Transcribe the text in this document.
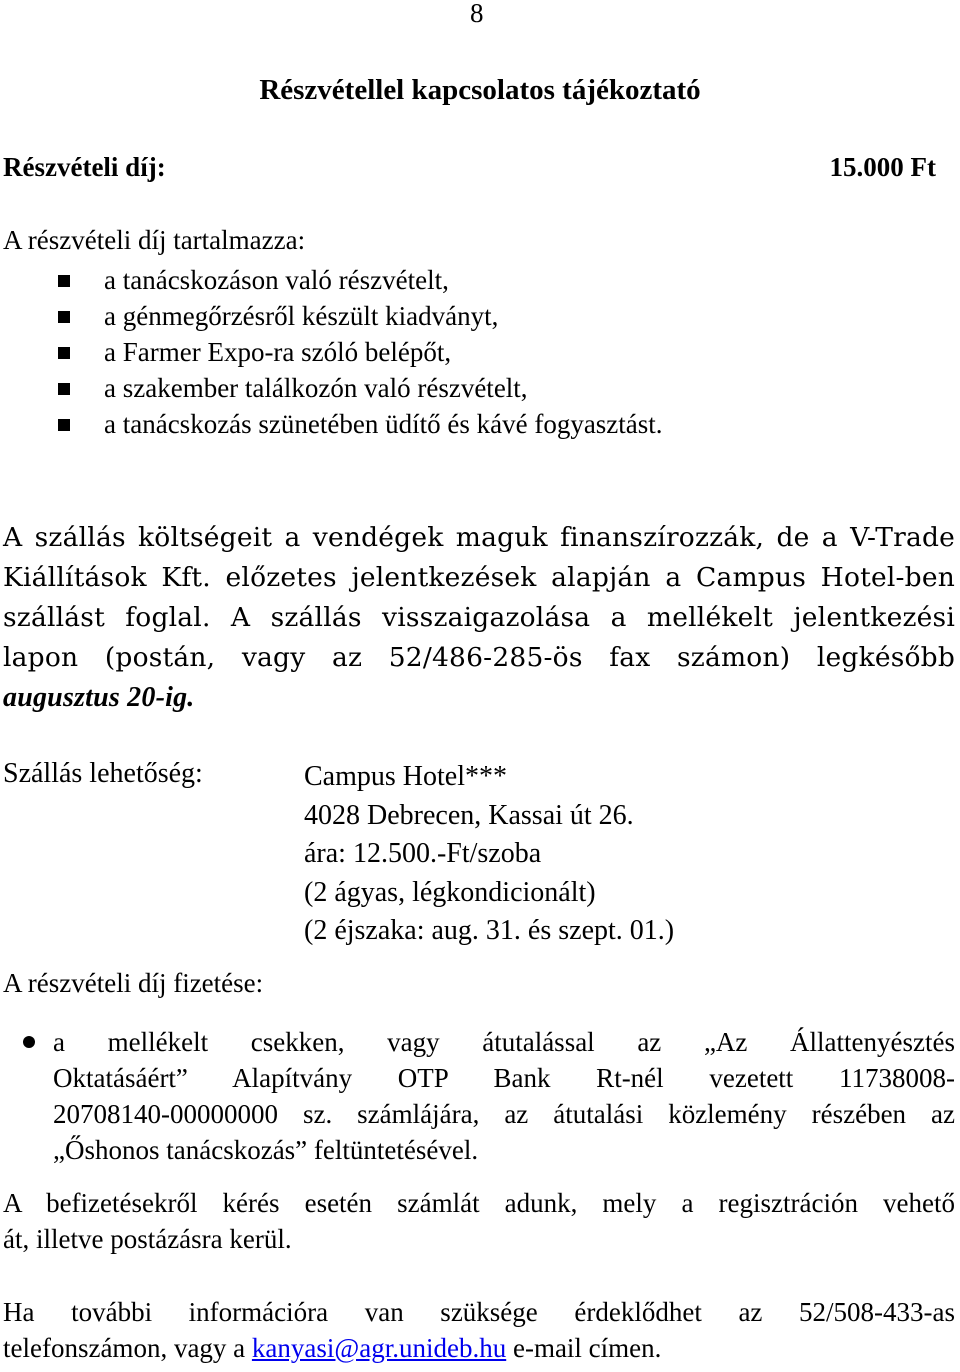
8
Részvétellel kapcsolatos tájékoztató
Részvételi díj:	15.000 Ft
A részvételi díj tartalmazza:
a tanácskozáson való részvételt,
a génmegőrzésről készült kiadványt,
a Farmer Expo-ra szóló belépőt,
a szakember találkozón való részvételt,
a tanácskozás szünetében üdítő és kávé fogyasztást.
A szállás költségeit a vendégek maguk finanszírozzák, de a V-Trade
Kiállítások Kft. előzetes jelentkezések alapján a Campus Hotel-ben
szállást foglal. A szállás visszaigazolása a mellékelt jelentkezési
lapon (postán, vagy az 52/486-285-ös fax számon) legkésőbb
augusztus 20-ig.
Szállás lehetőség:	Campus Hotel***
4028 Debrecen, Kassai út 26.
ára: 12.500.-Ft/szoba
(2 ágyas, légkondicionált)
(2 éjszaka: aug. 31. és szept. 01.)
A részvételi díj fizetése:
a mellékelt csekken, vagy átutalással az „Az Állattenyésztés
Oktatásáért” Alapítvány OTP Bank Rt-nél vezetett 11738008-
20708140-00000000 sz. számlájára, az átutalási közlemény részében az
„Őshonos tanácskozás” feltüntetésével.
A befizetésekről kérés esetén számlát adunk, mely a regisztráción vehető
át, illetve postázásra kerül.
Ha további információra van szüksége érdeklődhet az 52/508-433-as
telefonszámon, vagy a kanyasi@agr.unideb.hu e-mail címen.
